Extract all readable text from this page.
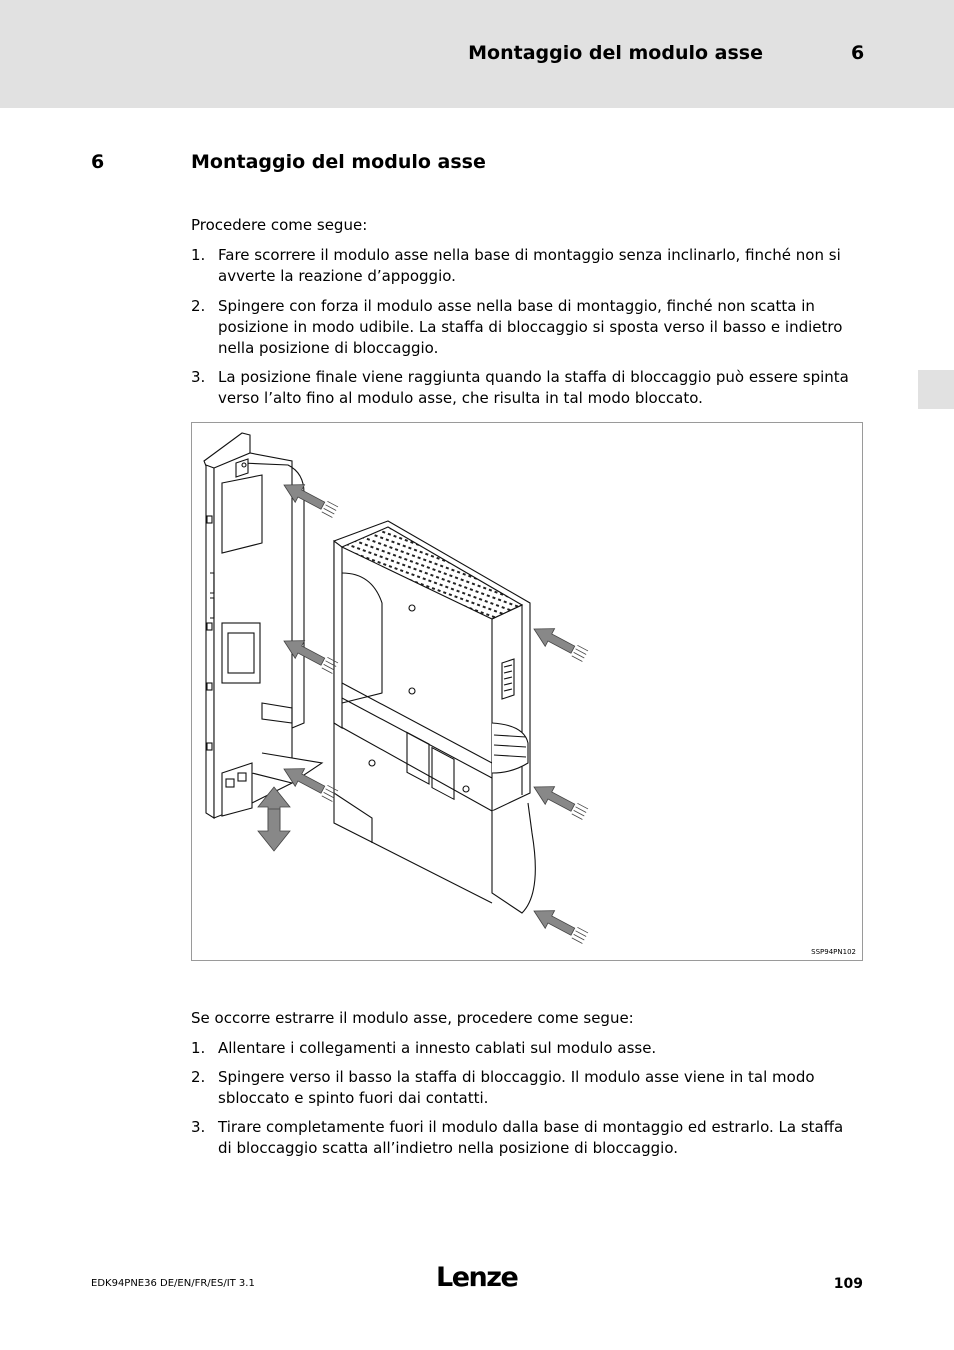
Montaggio del modulo asse	6
6	Montaggio del modulo asse
Procedere come segue:
1. Fare scorrere il modulo asse nella base di montaggio senza inclinarlo, finché non si avverte la reazione d’appoggio.
2. Spingere con forza il modulo asse nella base di montaggio, finché non scatta in posizione in modo udibile. La staffa di bloccaggio si sposta verso il basso e indietro nella posizione di bloccaggio.
3. La posizione finale viene raggiunta quando la staffa di bloccaggio può essere spinta verso l’alto fino al modulo asse, che risulta in tal modo bloccato.
SSP94PN102
Se occorre estrarre il modulo asse, procedere come segue:
1. Allentare i collegamenti a innesto cablati sul modulo asse.
2. Spingere verso il basso la staffa di bloccaggio. Il modulo asse viene in tal modo sbloccato e spinto fuori dai contatti.
3. Tirare completamente fuori il modulo dalla base di montaggio ed estrarlo. La staffa di bloccaggio scatta all’indietro nella posizione di bloccaggio.
EDK94PNE36 DE/EN/FR/ES/IT 3.1	Lenze	109
